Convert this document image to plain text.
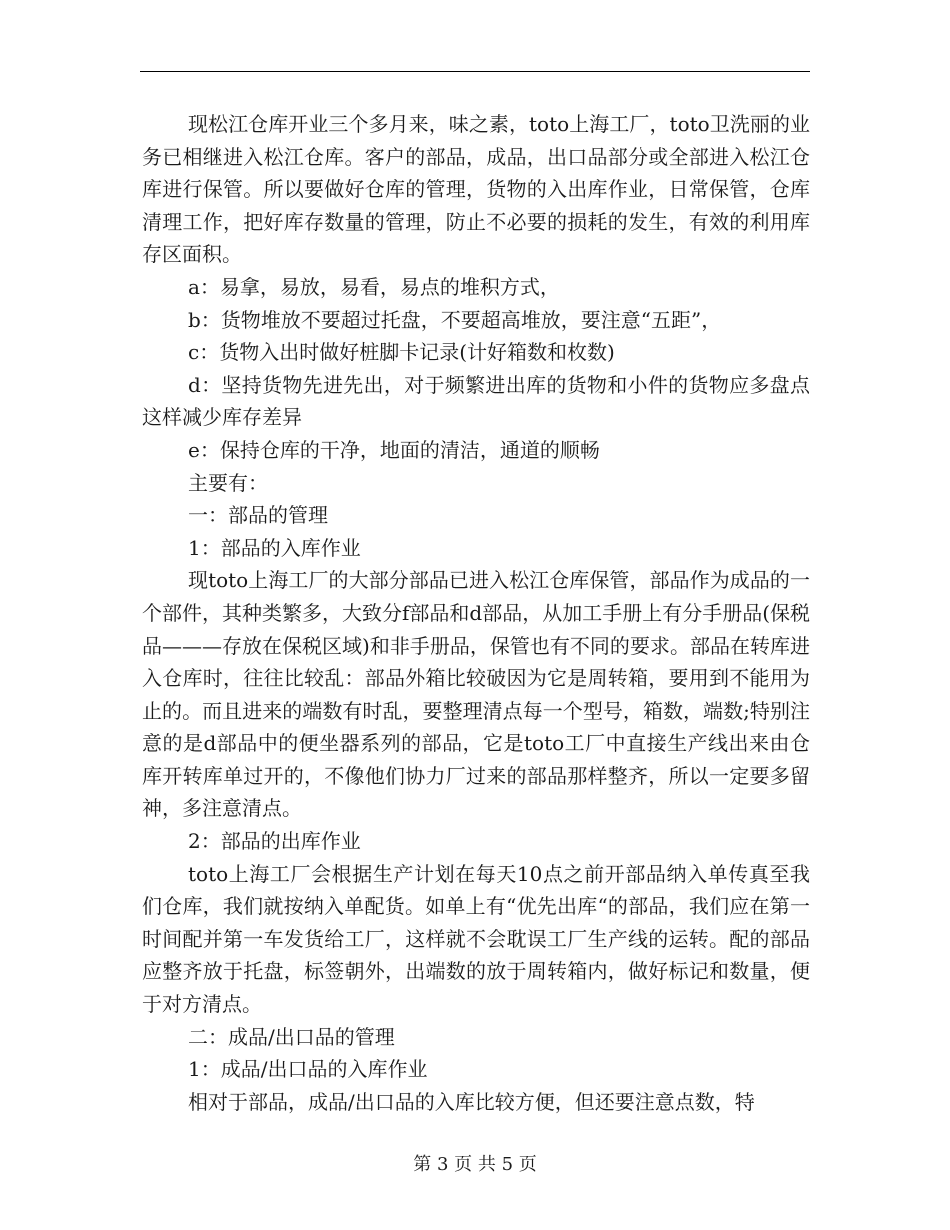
现松江仓库开业三个多月来，味之素，toto上海工厂，toto卫洗丽的业务已相继进入松江仓库。客户的部品，成品，出口品部分或全部进入松江仓库进行保管。所以要做好仓库的管理，货物的入出库作业，日常保管，仓库清理工作，把好库存数量的管理，防止不必要的损耗的发生，有效的利用库存区面积。

a：易拿，易放，易看，易点的堆积方式，

b：货物堆放不要超过托盘，不要超高堆放，要注意“五距”，

c：货物入出时做好桩脚卡记录(计好箱数和枚数)

d：坚持货物先进先出，对于频繁进出库的货物和小件的货物应多盘点这样减少库存差异

e：保持仓库的干净，地面的清洁，通道的顺畅

主要有：

一：部品的管理

1：部品的入库作业

现toto上海工厂的大部分部品已进入松江仓库保管，部品作为成品的一个部件，其种类繁多，大致分f部品和d部品，从加工手册上有分手册品(保税品———存放在保税区域)和非手册品，保管也有不同的要求。部品在转库进入仓库时，往往比较乱：部品外箱比较破因为它是周转箱，要用到不能用为止的。而且进来的端数有时乱，要整理清点每一个型号，箱数，端数;特别注意的是d部品中的便坐器系列的部品，它是toto工厂中直接生产线出来由仓库开转库单过开的，不像他们协力厂过来的部品那样整齐，所以一定要多留神，多注意清点。

2：部品的出库作业

toto上海工厂会根据生产计划在每天10点之前开部品纳入单传真至我们仓库，我们就按纳入单配货。如单上有“优先出库“的部品，我们应在第一时间配并第一车发货给工厂，这样就不会耽误工厂生产线的运转。配的部品应整齐放于托盘，标签朝外，出端数的放于周转箱内，做好标记和数量，便于对方清点。

二：成品/出口品的管理

1：成品/出口品的入库作业

相对于部品，成品/出口品的入库比较方便，但还要注意点数，特

第 3 页 共 5 页
